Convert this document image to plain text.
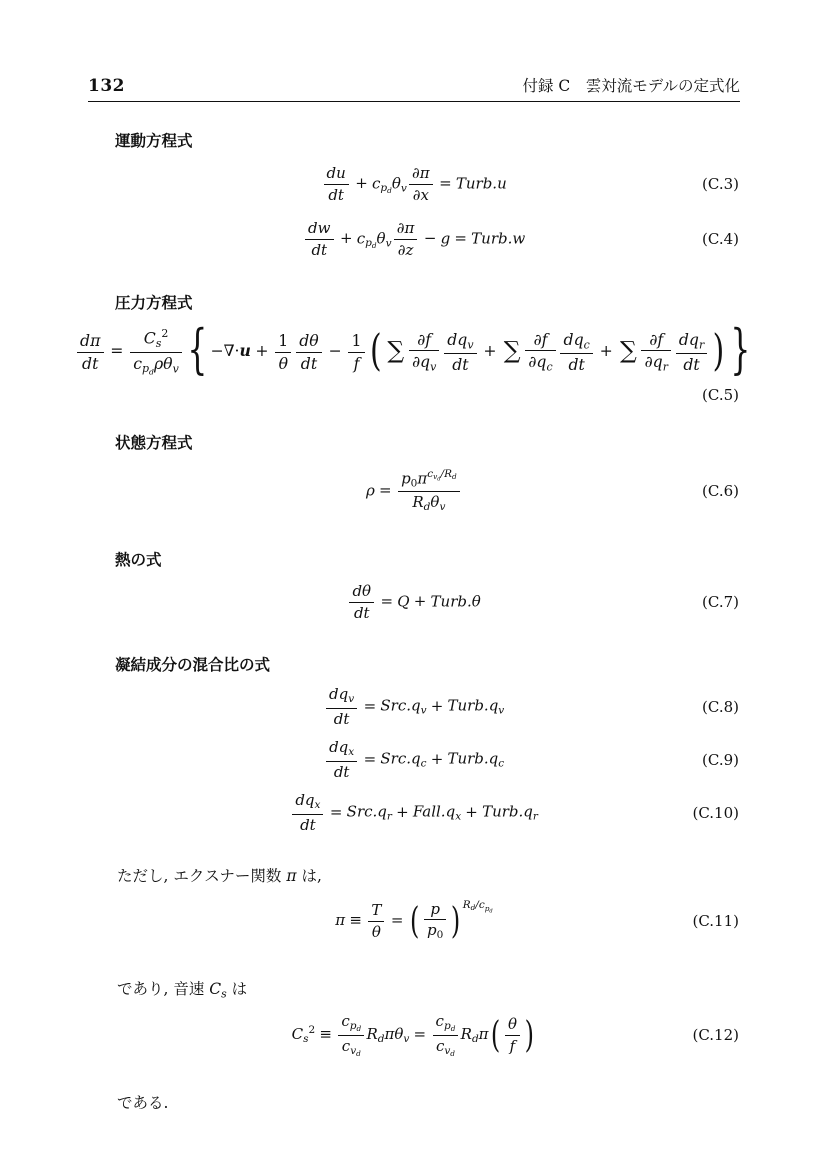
132	付録 C　雲対流モデルの定式化
運動方程式
$\frac{du}{dt} + c_{p_d}\theta_v \frac{\partial\pi}{\partial x}$ = Turb.u	(C.3)
$\frac{dw}{dt} + c_{p_d}\theta_v \frac{\partial\pi}{\partial z} - g$ = Turb.w	(C.4)
圧力方程式
$\frac{d\pi}{dt} = \frac{C_s^2}{c_{p_d}\rho\theta_v}$ { $-\nabla\cdot u + \frac{1}{\theta} \frac{d\theta}{dt} - \frac{1}{f}$ ( ∑ $\frac{\partial f}{\partial q_v} \frac{dq_v}{dt}$ + ∑ $\frac{\partial f}{\partial q_c} \frac{dq_c}{dt}$ + ∑ $\frac{\partial f}{\partial q_r} \frac{dq_r}{dt}$ ) }
(C.5)
状態方程式
$\rho = \frac{p_0\pi^{c_{v_d}/R_d}}{R_d\theta_v}$	(C.6)
熱の式
$\frac{d\theta}{dt} = Q$ + Turb.θ	(C.7)
凝結成分の混合比の式
$\frac{dq_v}{dt} = Src.q_v$ + $Turb.q_v$	(C.8)
$\frac{dq_x}{dt} = Src.q_c$ + $Turb.q_c$	(C.9)
$\frac{dq_x}{dt} = Src.q_r$ + $Fall.q_x$ + $Turb.q_r$	(C.10)
ただし, エクスナー関数 π は,
$\pi \equiv \frac{T}{\theta}$ = ( $\frac{p}{p_0}$ ) $^{R_d/c_{p_d}}$
(C.11)
であり, 音速 $C_s$ は
$C_s^2 \equiv \frac{c_{p_d}}{c_{v_d}} R_d\pi\theta_v = \frac{c_{p_d}}{c_{v_d}} R_d\pi( \frac{\theta}{f}$ )	(C.12)
である.
